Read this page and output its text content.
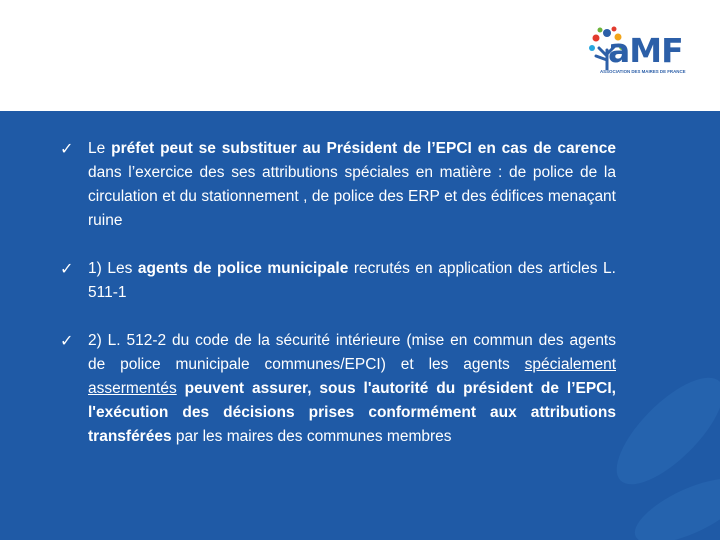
aMF
ASSOCIATION DES MAIRES DE FRANCE
✓ Le préfet peut se substituer au Président de l’EPCI en cas de carence dans l’exercice des ses attributions spéciales en matière : de police de la circulation et du stationnement , de police des ERP et des édifices menaçant ruine
✓ 1) Les agents de police municipale recrutés en application des articles L. 511-1
✓ 2) L. 512-2 du code de la sécurité intérieure (mise en commun des agents de police municipale communes/EPCI) et les agents spécialement assermentés peuvent assurer, sous l'autorité du président de l’EPCI, l'exécution des décisions prises conformément aux attributions transférées par les maires des communes membres
